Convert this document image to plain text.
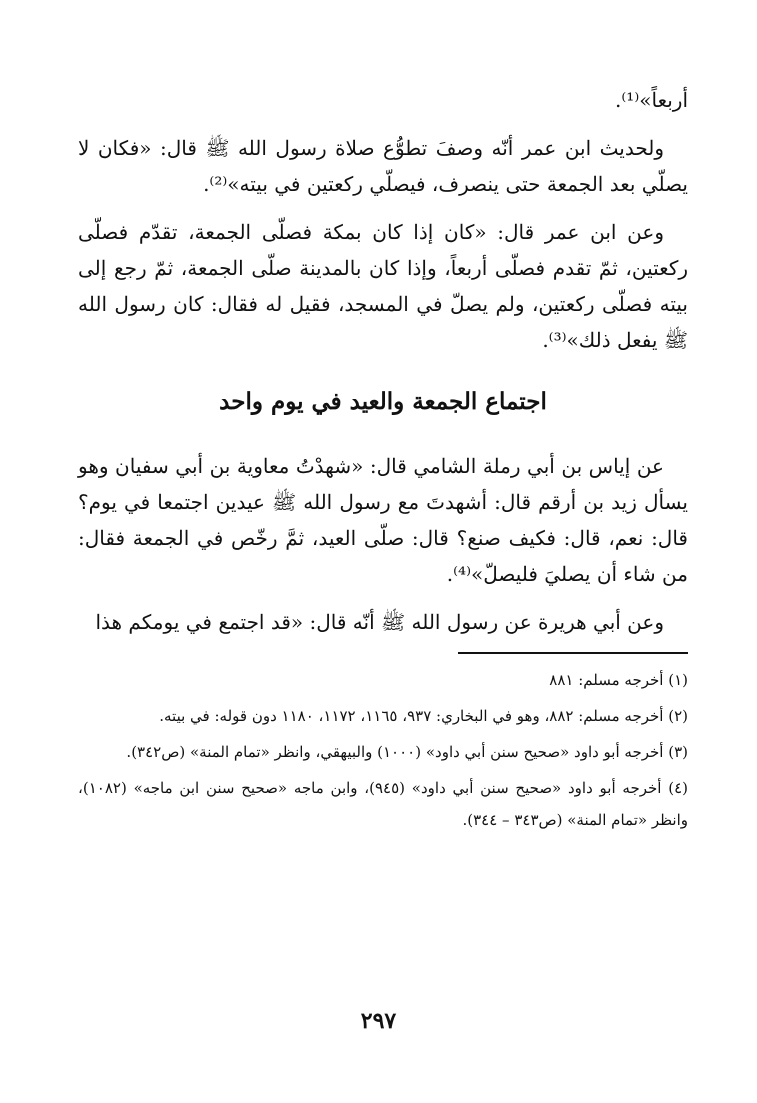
أربعاً»⁽¹⁾.

ولحديث ابن عمر أنّه وصفَ تطوُّع صلاة رسول الله ﷺ قال: «فكان لا يصلّي بعد الجمعة حتى ينصرف، فيصلّي ركعتين في بيته»⁽²⁾.

وعن ابن عمر قال: «كان إذا كان بمكة فصلّى الجمعة، تقدّم فصلّى ركعتين، ثمّ تقدم فصلّى أربعاً، وإذا كان بالمدينة صلّى الجمعة، ثمّ رجع إلى بيته فصلّى ركعتين، ولم يصلّ في المسجد، فقيل له فقال: كان رسول الله ﷺ يفعل ذلك»⁽³⁾.

اجتماع الجمعة والعيد في يوم واحد

عن إياس بن أبي رملة الشامي قال: «شهدْتُ معاوية بن أبي سفيان وهو يسأل زيد بن أرقم قال: أشهدتَ مع رسول الله ﷺ عيدين اجتمعا في يوم؟ قال: نعم، قال: فكيف صنع؟ قال: صلّى العيد، ثمَّ رخّص في الجمعة فقال: من شاء أن يصليَ فليصلّ»⁽⁴⁾.

وعن أبي هريرة عن رسول الله ﷺ أنّه قال: «قد اجتمع في يومكم هذا

(١) أخرجه مسلم: ٨٨١

(٢) أخرجه مسلم: ٨٨٢، وهو في البخاري: ٩٣٧، ١١٦٥، ١١٧٢، ١١٨٠ دون قوله: في بيته.

(٣) أخرجه أبو داود «صحيح سنن أبي داود» (١٠٠٠) والبيهقي، وانظر «تمام المنة» (ص٣٤٢).

(٤) أخرجه أبو داود «صحيح سنن أبي داود» (٩٤٥)، وابن ماجه «صحيح سنن ابن ماجه» (١٠٨٢)، وانظر «تمام المنة» (ص٣٤٣ – ٣٤٤).

٢٩٧
